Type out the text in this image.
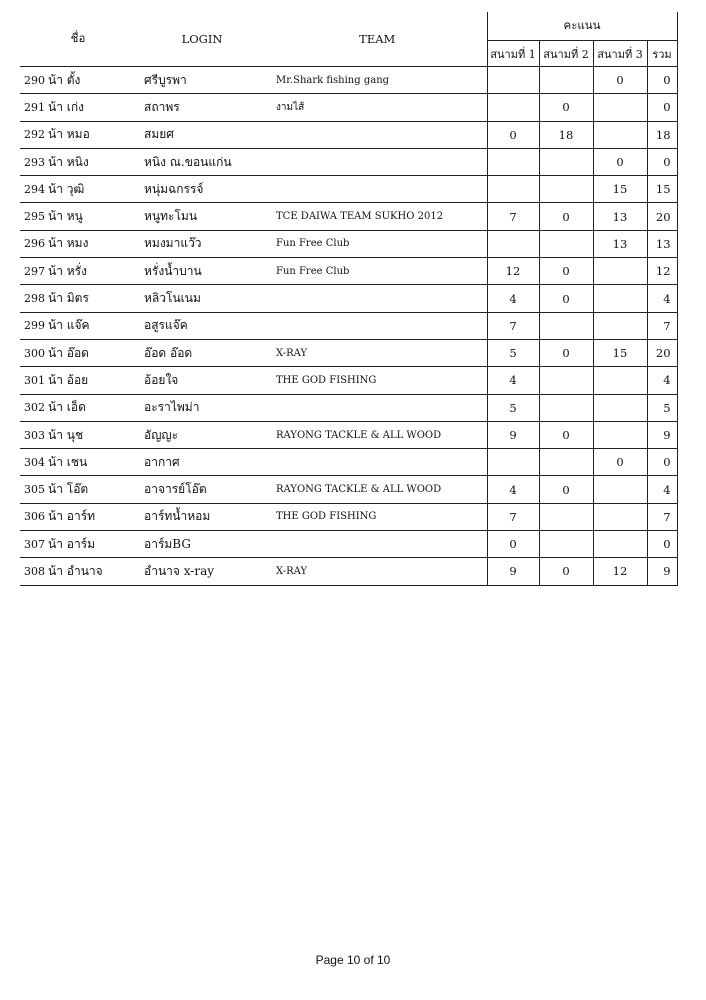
ชื่อ		LOGIN	TEAM	คะแนน			
				สนามที่ 1	สนามที่ 2	สนามที่ 3	รวม
290	น้า ตั้ง	ศรีบูรพา	Mr.Shark fishing gang			0	0
291	น้า เก่ง	สถาพร	งามไส้		0		0
292	น้า หมอ	สมยศ		0	18		18
293	น้า หนิง	หนิง ณ.ขอนแก่น				0	0
294	น้า วุฒิ	หนุ่มฉกรรจ์				15	15
295	น้า หนู	หนูทะโมน	TCE DAIWA TEAM SUKHO 2012	7	0	13	20
296	น้า หมง	หมงมาแว๊ว	Fun Free Club			13	13
297	น้า หรั่ง	หรั่งน้ำบาน	Fun Free Club	12	0		12
298	น้า มิตร	หลิวโนเนม		4	0		4
299	น้า แจ๊ค	อสูรแจ๊ค		7			7
300	น้า อ๊อด	อ๊อด อ๊อด	X-RAY	5	0	15	20
301	น้า อ้อย	อ้อยใจ	THE GOD FISHING	4			4
302	น้า เอ็ด	อะราไพม่า		5			5
303	น้า นุช	อัญญะ	RAYONG TACKLE & ALL WOOD	9	0		9
304	น้า เชน	อากาศ				0	0
305	น้า โอ๊ต	อาจารย์โอ๊ต	RAYONG TACKLE & ALL WOOD	4	0		4
306	น้า อาร์ท	อาร์ทน้ำหอม	THE GOD FISHING	7			7
307	น้า อาร์ม	อาร์มBG		0			0
308	น้า อำนาจ	อำนาจ x-ray	X-RAY	9	0	12	9
Page 10 of 10
